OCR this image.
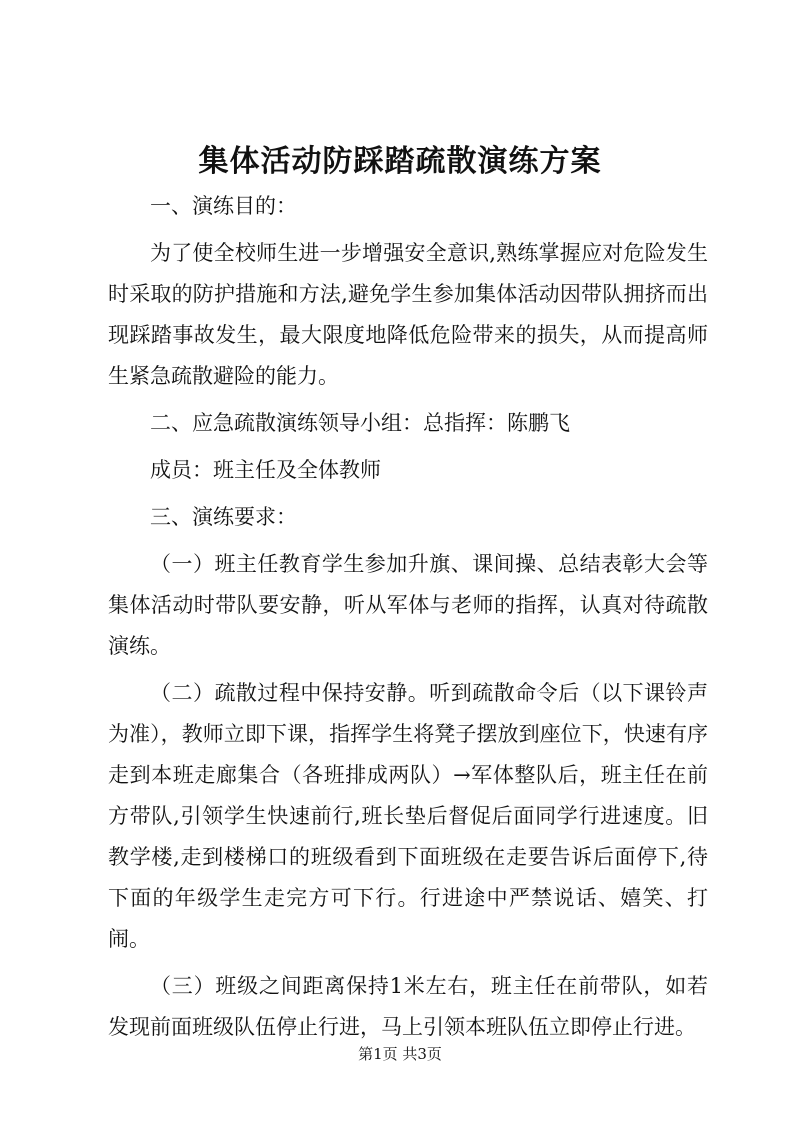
集体活动防踩踏疏散演练方案

一、演练目的：

为了使全校师生进一步增强安全意识,熟练掌握应对危险发生时采取的防护措施和方法,避免学生参加集体活动因带队拥挤而出现踩踏事故发生，最大限度地降低危险带来的损失，从而提高师生紧急疏散避险的能力。

二、应急疏散演练领导小组：总指挥：陈鹏飞

成员：班主任及全体教师

三、演练要求：

（一）班主任教育学生参加升旗、课间操、总结表彰大会等集体活动时带队要安静，听从军体与老师的指挥，认真对待疏散演练。

（二）疏散过程中保持安静。听到疏散命令后（以下课铃声为准），教师立即下课，指挥学生将凳子摆放到座位下，快速有序走到本班走廊集合（各班排成两队）→军体整队后，班主任在前方带队,引领学生快速前行,班长垫后督促后面同学行进速度。旧教学楼,走到楼梯口的班级看到下面班级在走要告诉后面停下,待下面的年级学生走完方可下行。行进途中严禁说话、嬉笑、打闹。

（三）班级之间距离保持1米左右，班主任在前带队，如若发现前面班级队伍停止行进，马上引领本班队伍立即停止行进。

第1页 共3页
